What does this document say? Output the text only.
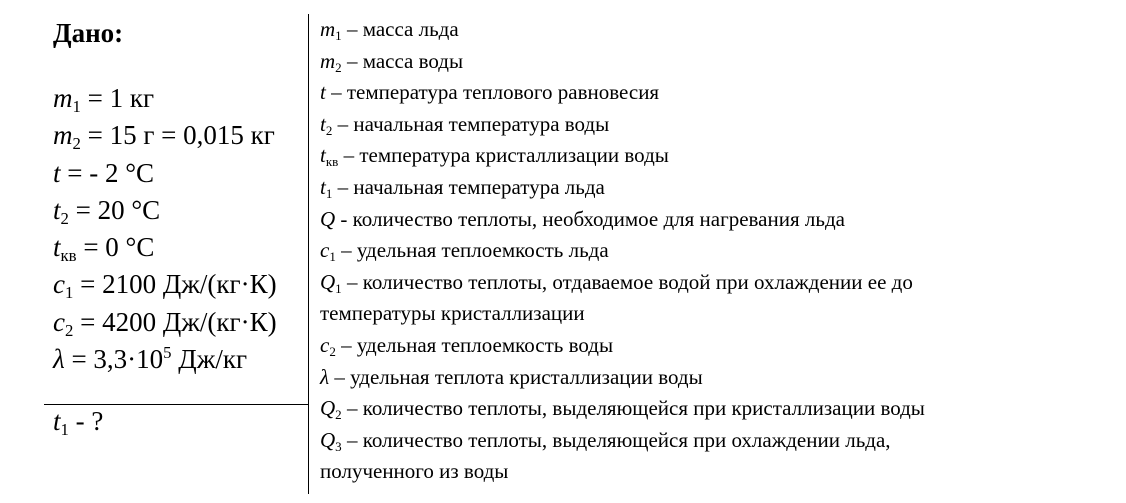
Дано:
$m_1 = 1$ кг
$m_2 = 15$ г = 0,015 кг
t = - 2 °С
$t_2 = 20$ °С
$t_{кв} = 0$ °С
$c_1 = 2100$ Дж/(кг·К)
$c_2 = 4200$ Дж/(кг·К)
$\lambda = 3,3\cdot 10^5$ Дж/кг
$t_1$ - ?
$m_1$ – масса льда
$m_2$ – масса воды
t – температура теплового равновесия
$t_2$ – начальная температура воды
$t_{кв}$ – температура кристаллизации воды
$t_1$ – начальная температура льда
Q - количество теплоты, необходимое для нагревания льда
$c_1$ – удельная теплоемкость льда
$Q_1$ – количество теплоты, отдаваемое водой при охлаждении ее до
температуры кристаллизации
$c_2$ – удельная теплоемкость воды
λ – удельная теплота кристаллизации воды
$Q_2$ – количество теплоты, выделяющейся при кристаллизации воды
$Q_3$ – количество теплоты, выделяющейся при охлаждении льда,
полученного из воды
